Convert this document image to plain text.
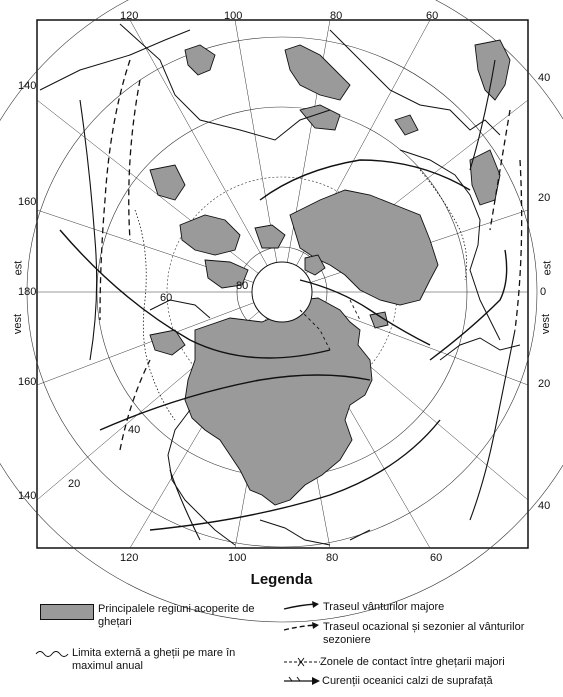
120	100	80	60
120	100	80	60
140
160
180
160
140
40
20
0
20
40
vest
est
vest
est
60
80
40
20
Legenda
Principalele regiuni acoperite de ghețari
Limita externă a gheții pe mare în maximul anual
Traseul vânturilor majore
Traseul ocazional și sezonier al vânturilor sezoniere
Zonele de contact între ghețarii majori
Curenții oceanici calzi de suprafață
